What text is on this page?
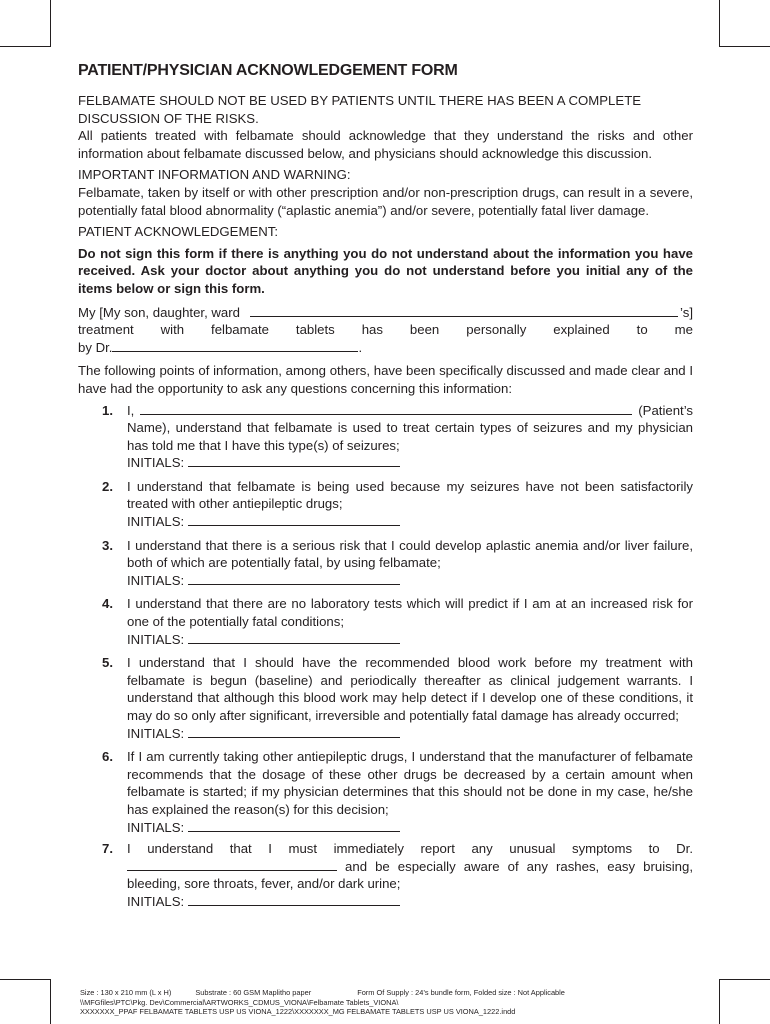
PATIENT/PHYSICIAN ACKNOWLEDGEMENT FORM

FELBAMATE SHOULD NOT BE USED BY PATIENTS UNTIL THERE HAS BEEN A COMPLETE DISCUSSION OF THE RISKS.

All patients treated with felbamate should acknowledge that they understand the risks and other information about felbamate discussed below, and physicians should acknowledge this discussion.

IMPORTANT INFORMATION AND WARNING:

Felbamate, taken by itself or with other prescription and/or non-prescription drugs, can result in a severe, potentially fatal blood abnormality (“aplastic anemia”) and/or severe, potentially fatal liver damage.

PATIENT ACKNOWLEDGEMENT:

Do not sign this form if there is anything you do not understand about the information you have received. Ask your doctor about anything you do not understand before you initial any of the items below or sign this form.

My [My son, daughter, ward	’s]
treatment with felbamate tablets has been personally explained to me

by Dr.	.

The following points of information, among others, have been specifically discussed and made clear and I have had the opportunity to ask any questions concerning this information:

1. I,	(Patient’s Name), understand that felbamate is used to treat certain types of seizures and my physician has told me that I have this type(s) of seizures;
INITIALS:
2. I understand that felbamate is being used because my seizures have not been satisfactorily treated with other antiepileptic drugs;
INITIALS:
3. I understand that there is a serious risk that I could develop aplastic anemia and/or liver failure, both of which are potentially fatal, by using felbamate;
INITIALS:
4. I understand that there are no laboratory tests which will predict if I am at an increased risk for one of the potentially fatal conditions;
INITIALS:
5. I understand that I should have the recommended blood work before my treatment with felbamate is begun (baseline) and periodically thereafter as clinical judgement warrants. I understand that although this blood work may help detect if I develop one of these conditions, it may do so only after significant, irreversible and potentially fatal damage has already occurred;
INITIALS:
6. If I am currently taking other antiepileptic drugs, I understand that the manufacturer of felbamate recommends that the dosage of these other drugs be decreased by a certain amount when felbamate is started; if my physician determines that this should not be done in my case, he/she has explained the reason(s) for this decision;
INITIALS:
7. I understand that I must immediately report any unusual symptoms to Dr.  and be especially aware of any rashes, easy bruising, bleeding, sore throats, fever, and/or dark urine;
INITIALS:
Size : 130 x 210 mm (L x H)	Substrate : 60 GSM Maplitho paper	Form Of Supply : 24’s bundle form, Folded size : Not Applicable
\\MFGfiles\PTC\Pkg. Dev\Commercial\ARTWORKS_CDMUS_VIONA\Felbamate Tablets_VIONA\
XXXXXXX_PPAF FELBAMATE TABLETS USP US VIONA_1222\XXXXXXX_MG FELBAMATE TABLETS USP US VIONA_1222.indd
